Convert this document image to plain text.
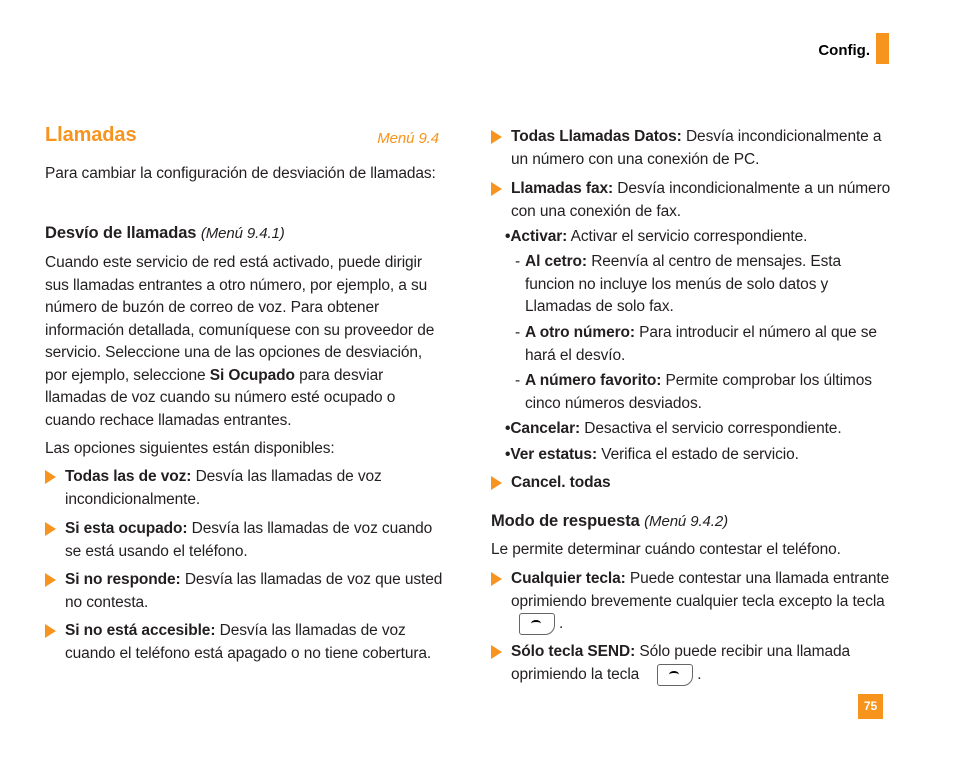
Config.
Llamadas	Menú 9.4
Para cambiar la configuración de desviación de llamadas:
Desvío de llamadas (Menú 9.4.1)
Cuando este servicio de red está activado, puede dirigir sus llamadas entrantes a otro número, por ejemplo, a su número de buzón de correo de voz. Para obtener información detallada, comuníquese con su proveedor de servicio. Seleccione una de las opciones de desviación, por ejemplo, seleccione Si Ocupado para desviar llamadas de voz cuando su número esté ocupado o cuando rechace llamadas entrantes.
Las opciones siguientes están disponibles:
Todas las de voz: Desvía las llamadas de voz incondicionalmente.
Si esta ocupado: Desvía las llamadas de voz cuando se está usando el teléfono.
Si no responde: Desvía las llamadas de voz que usted no contesta.
Si no está accesible: Desvía las llamadas de voz cuando el teléfono está apagado o no tiene cobertura.
Todas Llamadas Datos: Desvía incondicionalmente a un número con una conexión de PC.
Llamadas fax: Desvía incondicionalmente a un número con una conexión de fax.
•Activar: Activar el servicio correspondiente.
- Al cetro: Reenvía al centro de mensajes. Esta funcion no incluye los menús de solo datos y Llamadas de solo fax.
- A otro número: Para introducir el número al que se hará el desvío.
- A número favorito: Permite comprobar los últimos cinco números desviados.
•Cancelar: Desactiva el servicio correspondiente.
•Ver estatus: Verifica el estado de servicio.
Cancel. todas
Modo de respuesta (Menú 9.4.2)
Le permite determinar cuándo contestar el teléfono.
Cualquier tecla: Puede contestar una llamada entrante oprimiendo brevemente cualquier tecla excepto la tecla.
Sólo tecla SEND: Sólo puede recibir una llamada oprimiendo la tecla	.
75
